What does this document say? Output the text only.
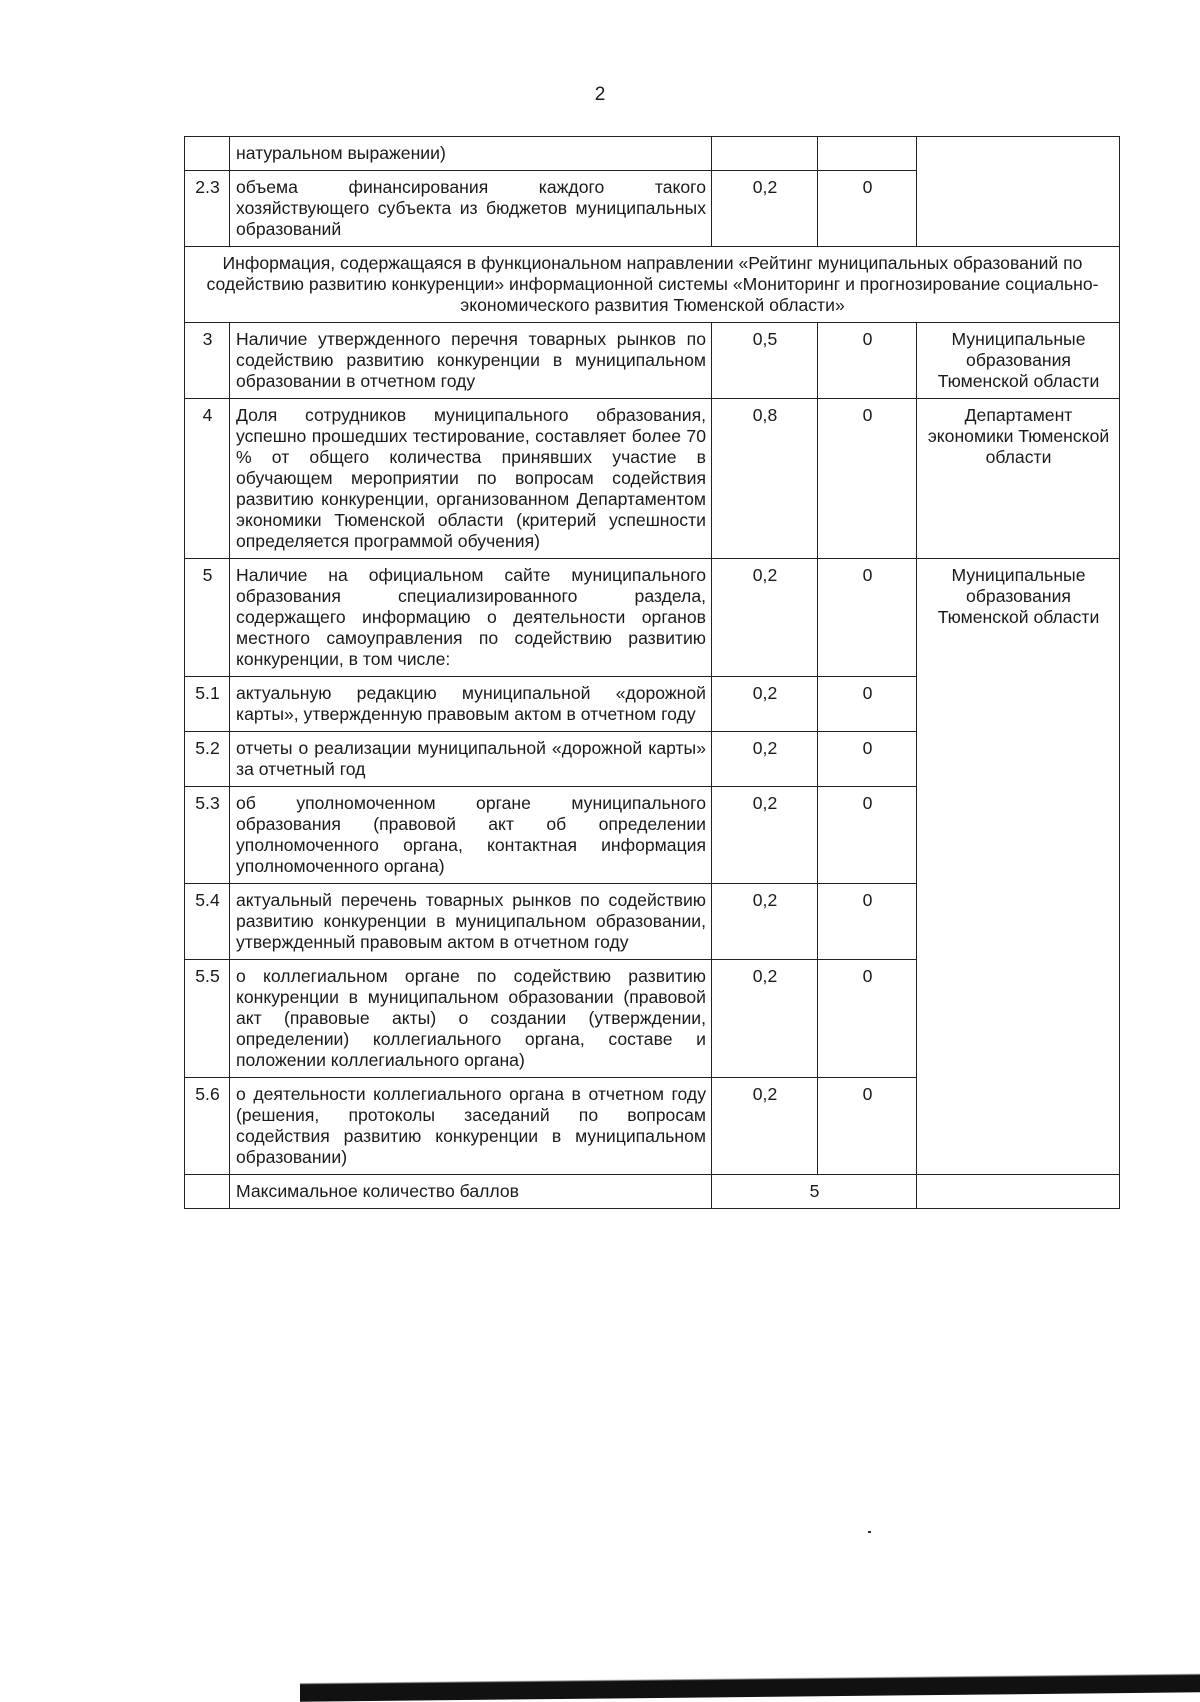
2
	натуральном выражении)			
2.3	объема финансирования каждого такого хозяйствующего субъекта из бюджетов муниципальных образований	0,2	0	
Информация, содержащаяся в функциональном направлении «Рейтинг муниципальных образований по содействию развитию конкуренции» информационной системы «Мониторинг и прогнозирование социально-экономического развития Тюменской области»				
3	Наличие утвержденного перечня товарных рынков по содействию развитию конкуренции в муниципальном образовании в отчетном году	0,5	0	Муниципальные образования Тюменской области
4	Доля сотрудников муниципального образования, успешно прошедших тестирование, составляет более 70 % от общего количества принявших участие в обучающем мероприятии по вопросам содействия развитию конкуренции, организованном Департаментом экономики Тюменской области (критерий успешности определяется программой обучения)	0,8	0	Департамент экономики Тюменской области
5	Наличие на официальном сайте муниципального образования специализированного раздела, содержащего информацию о деятельности органов местного самоуправления по содействию развитию конкуренции, в том числе:	0,2	0	Муниципальные образования Тюменской области
5.1	актуальную редакцию муниципальной «дорожной карты», утвержденную правовым актом в отчетном году	0,2	0	
5.2	отчеты о реализации муниципальной «дорожной карты» за отчетный год	0,2	0	
5.3	об уполномоченном органе муниципального образования (правовой акт об определении уполномоченного органа, контактная информация уполномоченного органа)	0,2	0	
5.4	актуальный перечень товарных рынков по содействию развитию конкуренции в муниципальном образовании, утвержденный правовым актом в отчетном году	0,2	0	
5.5	о коллегиальном органе по содействию развитию конкуренции в муниципальном образовании (правовой акт (правовые акты) о создании (утверждении, определении) коллегиального органа, составе и положении коллегиального органа)	0,2	0	
5.6	о деятельности коллегиального органа в отчетном году (решения, протоколы заседаний по вопросам содействия развитию конкуренции в муниципальном образовании)	0,2	0	
	Максимальное количество баллов	5		
